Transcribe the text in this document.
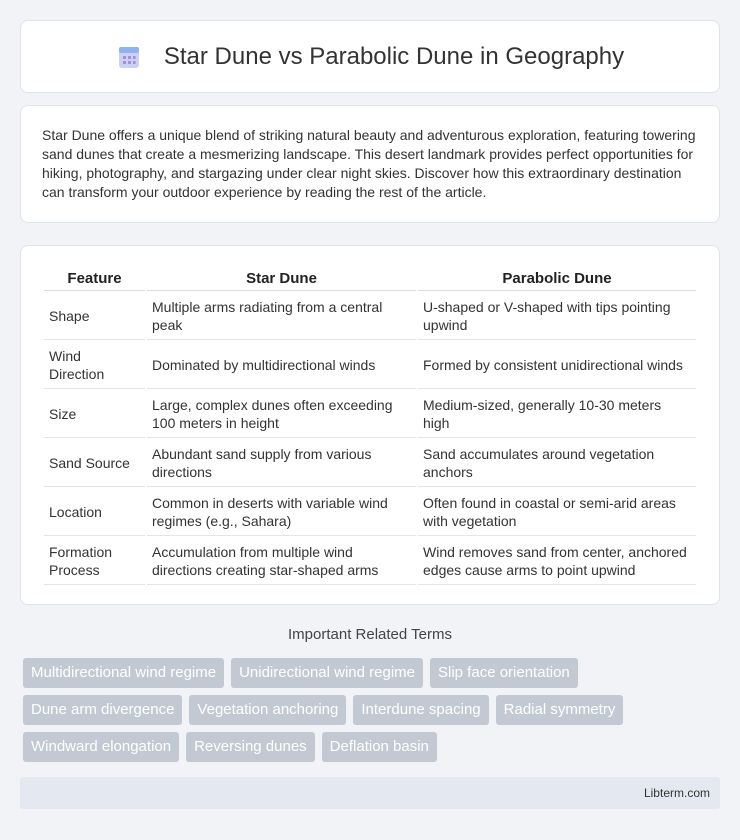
Star Dune vs Parabolic Dune in Geography

Star Dune offers a unique blend of striking natural beauty and adventurous exploration, featuring towering sand dunes that create a mesmerizing landscape. This desert landmark provides perfect opportunities for hiking, photography, and stargazing under clear night skies. Discover how this extraordinary destination can transform your outdoor experience by reading the rest of the article.

Feature	Star Dune	Parabolic Dune
Shape	Multiple arms radiating from a central peak	U-shaped or V-shaped with tips pointing upwind
Wind Direction	Dominated by multidirectional winds	Formed by consistent unidirectional winds
Size	Large, complex dunes often exceeding 100 meters in height	Medium-sized, generally 10-30 meters high
Sand Source	Abundant sand supply from various directions	Sand accumulates around vegetation anchors
Location	Common in deserts with variable wind regimes (e.g., Sahara)	Often found in coastal or semi-arid areas with vegetation
Formation Process	Accumulation from multiple wind directions creating star-shaped arms	Wind removes sand from center, anchored edges cause arms to point upwind
Important Related Terms
Multidirectional wind regime	Unidirectional wind regime	Slip face orientation
Dune arm divergence	Vegetation anchoring	Interdune spacing	Radial symmetry
Windward elongation	Reversing dunes	Deflation basin
Libterm.com
